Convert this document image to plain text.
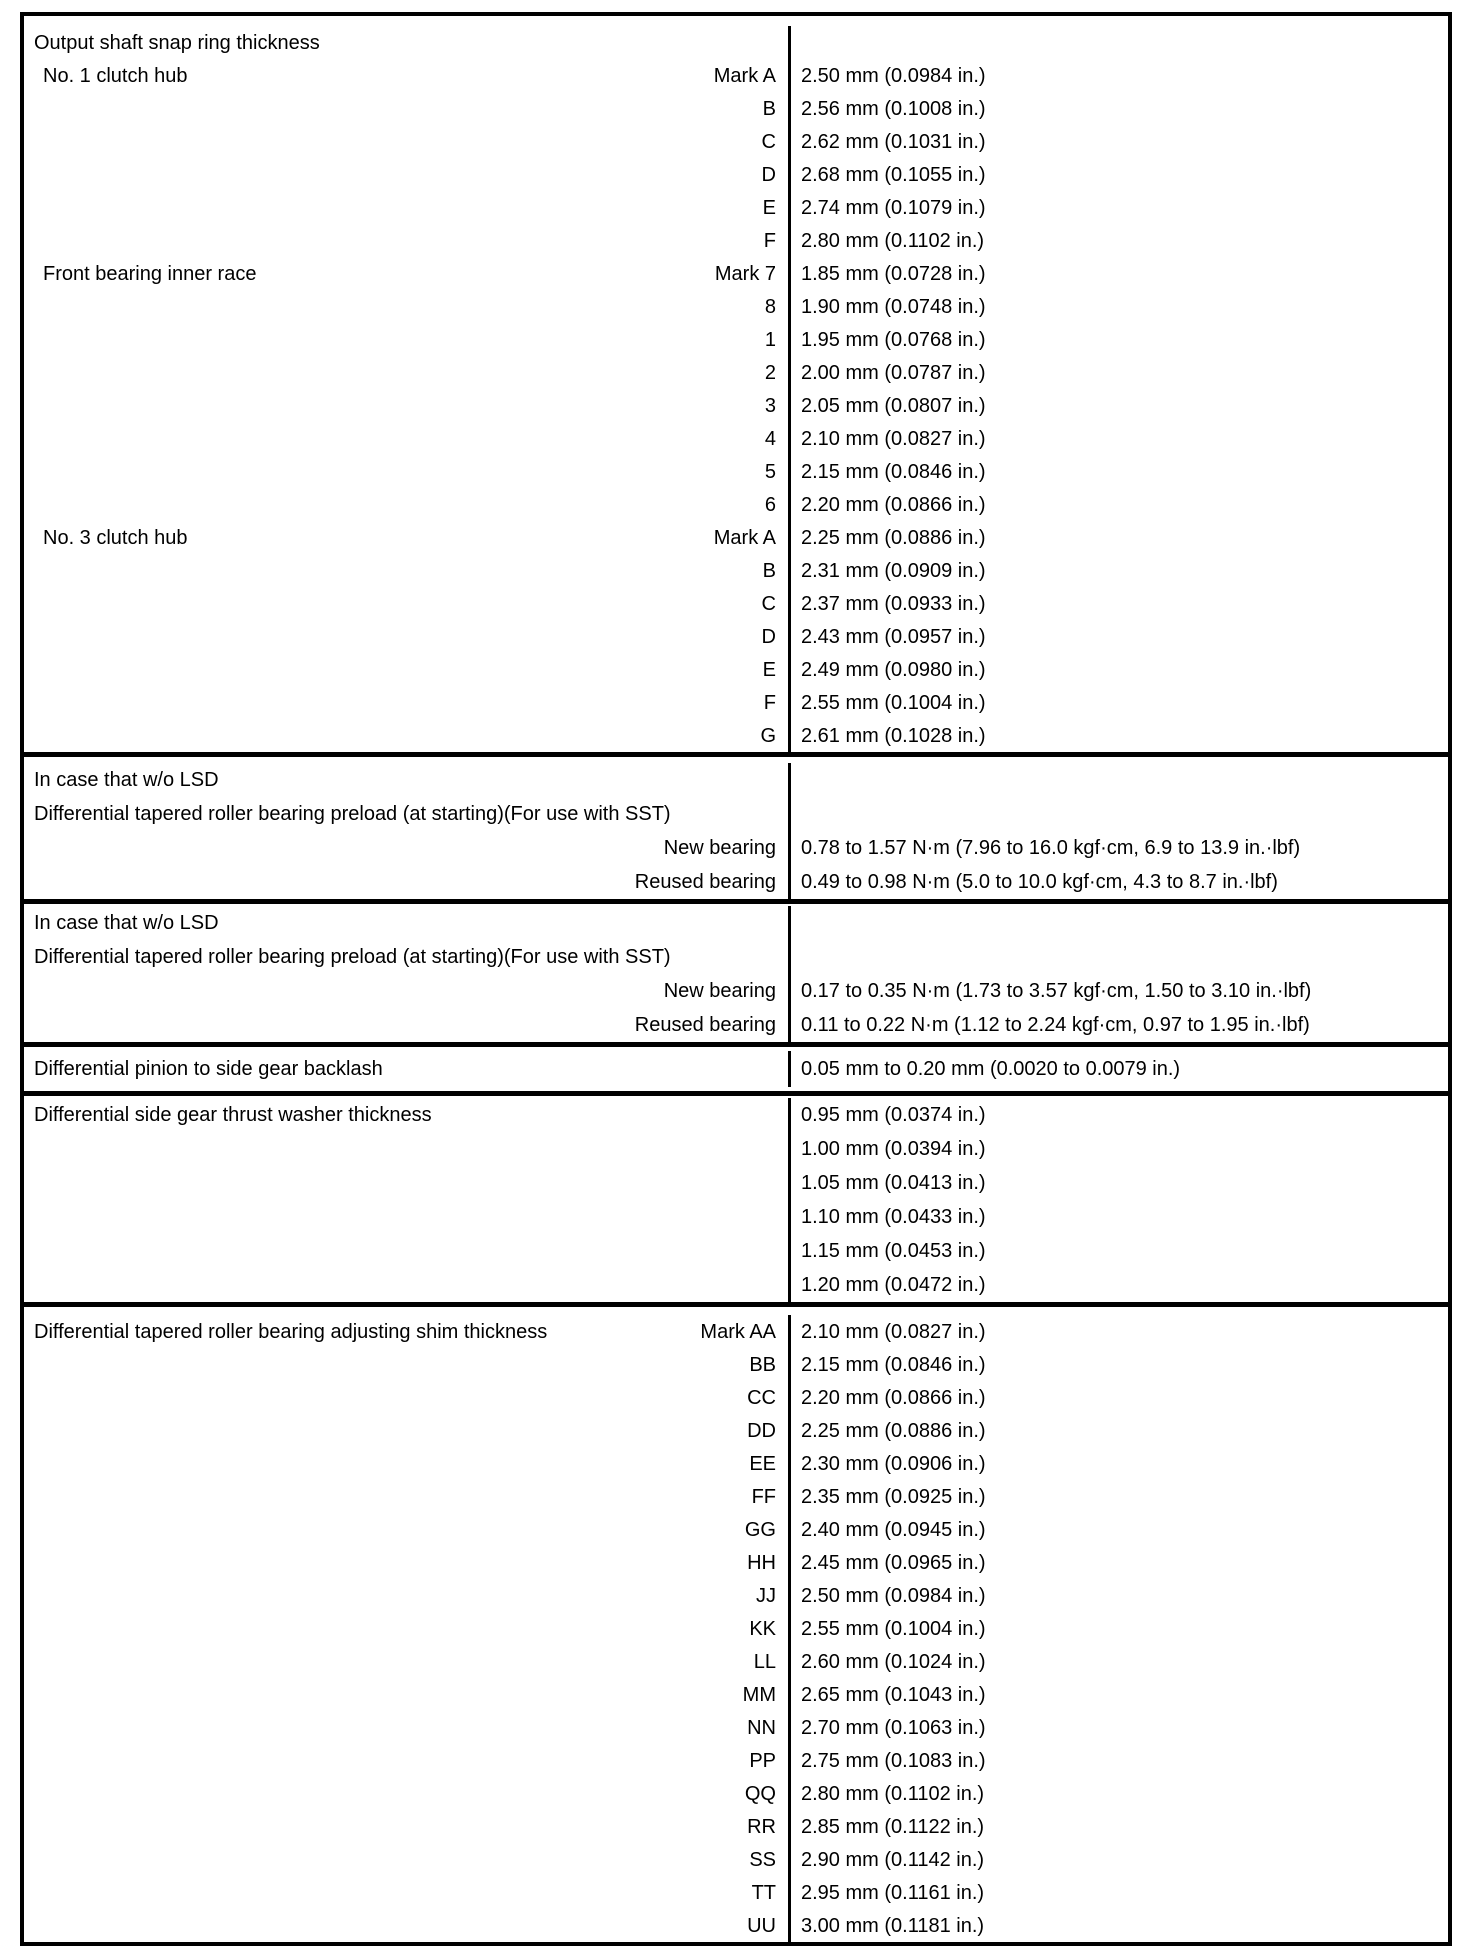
Output shaft snap ring thickness
No. 1 clutch hub	Mark A 2.50 mm (0.0984 in.)
B 2.56 mm (0.1008 in.)
C 2.62 mm (0.1031 in.)
D 2.68 mm (0.1055 in.)
E 2.74 mm (0.1079 in.)
F 2.80 mm (0.1102 in.)
Front bearing inner race	Mark 7 1.85 mm (0.0728 in.)
8 1.90 mm (0.0748 in.)
1 1.95 mm (0.0768 in.)
2 2.00 mm (0.0787 in.)
3 2.05 mm (0.0807 in.)
4 2.10 mm (0.0827 in.)
5 2.15 mm (0.0846 in.)
6 2.20 mm (0.0866 in.)
No. 3 clutch hub	Mark A 2.25 mm (0.0886 in.)
B 2.31 mm (0.0909 in.)
C 2.37 mm (0.0933 in.)
D 2.43 mm (0.0957 in.)
E 2.49 mm (0.0980 in.)
F 2.55 mm (0.1004 in.)
G 2.61 mm (0.1028 in.)
In case that w/o LSD
Differential tapered roller bearing preload (at starting)(For use with SST)
New bearing 0.78 to 1.57 N·m (7.96 to 16.0 kgf·cm, 6.9 to 13.9 in.·lbf)
Reused bearing 0.49 to 0.98 N·m (5.0 to 10.0 kgf·cm, 4.3 to 8.7 in.·lbf)
In case that w/o LSD
Differential tapered roller bearing preload (at starting)(For use with SST)
New bearing 0.17 to 0.35 N·m (1.73 to 3.57 kgf·cm, 1.50 to 3.10 in.·lbf)
Reused bearing 0.11 to 0.22 N·m (1.12 to 2.24 kgf·cm, 0.97 to 1.95 in.·lbf)
Differential pinion to side gear backlash	0.05 mm to 0.20 mm (0.0020 to 0.0079 in.)
Differential side gear thrust washer thickness	0.95 mm (0.0374 in.)
1.00 mm (0.0394 in.)
1.05 mm (0.0413 in.)
1.10 mm (0.0433 in.)
1.15 mm (0.0453 in.)
1.20 mm (0.0472 in.)
Differential tapered roller bearing adjusting shim thickness	Mark AA 2.10 mm (0.0827 in.)
BB 2.15 mm (0.0846 in.)
CC 2.20 mm (0.0866 in.)
DD 2.25 mm (0.0886 in.)
EE 2.30 mm (0.0906 in.)
FF 2.35 mm (0.0925 in.)
GG 2.40 mm (0.0945 in.)
HH 2.45 mm (0.0965 in.)
JJ 2.50 mm (0.0984 in.)
KK 2.55 mm (0.1004 in.)
LL 2.60 mm (0.1024 in.)
MM 2.65 mm (0.1043 in.)
NN 2.70 mm (0.1063 in.)
PP 2.75 mm (0.1083 in.)
QQ 2.80 mm (0.1102 in.)
RR 2.85 mm (0.1122 in.)
SS 2.90 mm (0.1142 in.)
TT 2.95 mm (0.1161 in.)
UU 3.00 mm (0.1181 in.)
